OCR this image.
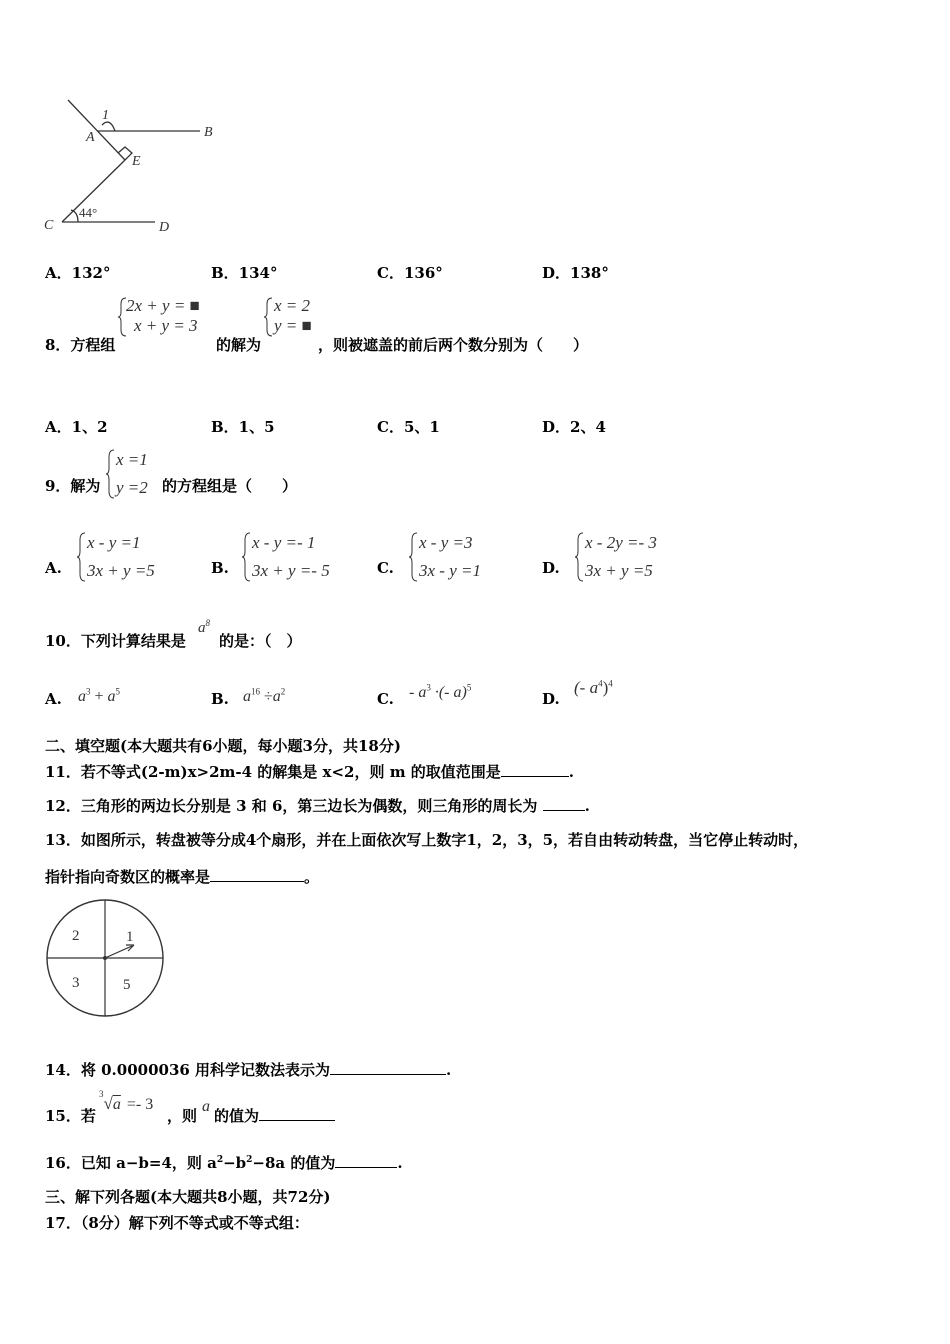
1
A	B
E
C	D
44°
A．132°	B．134°	C．136°	D．138°
8．方程组
2x + y = ■
x + y = 3
的解为
x = 2
y = ■
，则被遮盖的前后两个数分别为（　　）
A．1、2	B．1、5	C．5、1	D．2、4
9．解为
x =1
y =2 的方程组是（　　）
A.
x - y =1
3x + y =5	B.
x - y =- 1
3x + y =- 5	C.
x - y =3
3x - y =1	D.
x - 2y =- 3
3x + y =5
10．下列计算结果是
$a^8$
的是：（　）
A. $a^3 + a^5$	B. $a^{16} \div a^2$	C. - $a^3$ ·(- a)$^5$
D.
(- $a^4)^4$
二、填空题(本大题共有6小题，每小题3分，共18分)
11．若不等式(2-m)x>2m-4 的解集是 x<2，则 m 的取值范围是	.
12．三角形的两边长分别是 3 和 6，第三边长为偶数，则三角形的周长为	.
13．如图所示，转盘被等分成4个扇形，并在上面依次写上数字1，2，3，5，若自由转动转盘，当它停止转动时，
指针指向奇数区的概率是	。
2	1
3	5
14．将 0.0000036 用科学记数法表示为	.
15．若
$^3$√a =- 3
，则
a
的值为
16．已知 a−b=4，则 $a^2-b^2-8a$ 的值为	.
三、解下列各题(本大题共8小题，共72分)
17．（8分）解下列不等式或不等式组：
